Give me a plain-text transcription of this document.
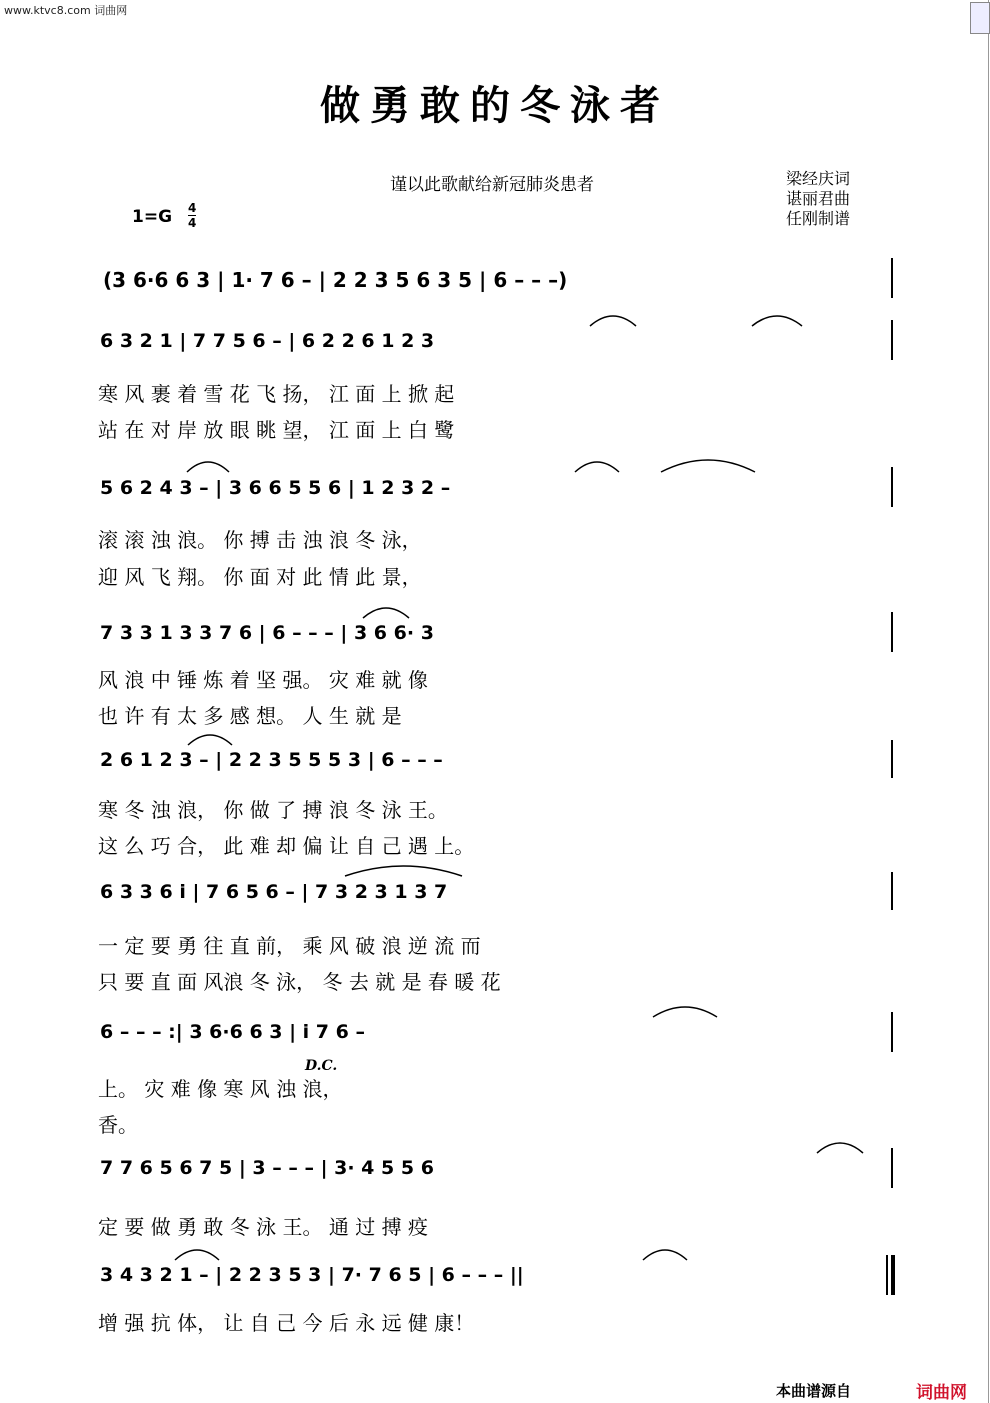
www.ktvc8.com 词曲网
做勇敢的冬泳者
谨以此歌献给新冠肺炎患者	梁经庆词
谌丽君曲
任刚制谱
1=G 4
4
(3 6·6 6 3 | 1· 7 6 – | 2 2 3 5 6 3 5 | 6 – – –)
6 3 2 1 | 7 7 5 6 – | 6 2 2 6 1 2 3
寒 风 裹 着 雪 花 飞 扬， 江 面 上 掀 起
站 在 对 岸 放 眼 眺 望， 江 面 上 白 鹭
5 6 2 4 3 – | 3 6 6 5 5 6 | 1 2 3 2 –
滚 滚 浊 浪。 你 搏 击 浊 浪 冬 泳，
迎 风 飞 翔。 你 面 对 此 情 此 景，
7 3 3 1 3 3 7 6 | 6 – – – | 3 6 6· 3
风 浪 中 锤 炼 着 坚 强。 灾 难 就 像
也 许 有 太 多 感 想。 人 生 就 是
2 6 1 2 3 – | 2 2 3 5 5 5 3 | 6 – – –
寒 冬 浊 浪， 你 做 了 搏 浪 冬 泳 王。
这 么 巧 合， 此 难 却 偏 让 自 己 遇 上。
6 3 3 6 i | 7 6 5 6 – | 7 3 2 3 1 3 7
一 定 要 勇 往 直 前， 乘 风 破 浪 逆 流 而
只 要 直 面 风浪 冬 泳， 冬 去 就 是 春 暖 花
6 – – – :| 3 6·6 6 3 | i 7 6 –
D.C.
上。 灾 难 像 寒 风 浊 浪，
香。
7 7 6 5 6 7 5 | 3 – – – | 3· 4 5 5 6
定 要 做 勇 敢 冬 泳 王。 通 过 搏 疫
3 4 3 2 1 – | 2 2 3 5 3 | 7· 7 6 5 | 6 – – – ||
增 强 抗 体， 让 自 己 今 后 永 远 健 康！
本曲谱源自	词曲网
